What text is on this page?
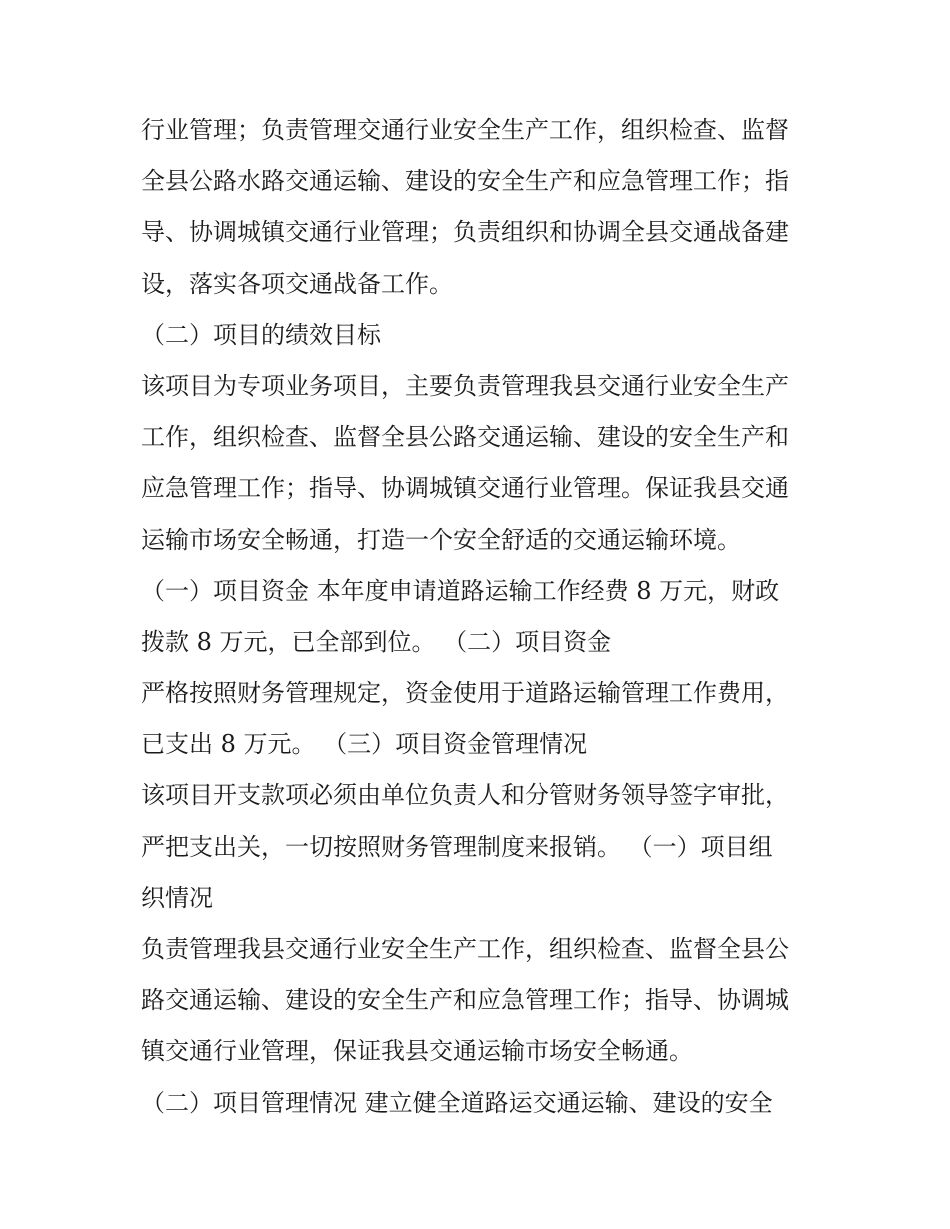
行业管理；负责管理交通行业安全生产工作，组织检查、监督
全县公路水路交通运输、建设的安全生产和应急管理工作；指
导、协调城镇交通行业管理；负责组织和协调全县交通战备建
设，落实各项交通战备工作。
（二）项目的绩效目标
该项目为专项业务项目，主要负责管理我县交通行业安全生产
工作，组织检查、监督全县公路交通运输、建设的安全生产和
应急管理工作；指导、协调城镇交通行业管理。保证我县交通
运输市场安全畅通，打造一个安全舒适的交通运输环境。
（一）项目资金 本年度申请道路运输工作经费 8 万元，财政
拨款 8 万元，已全部到位。 （二）项目资金
严格按照财务管理规定，资金使用于道路运输管理工作费用，
已支出 8 万元。 （三）项目资金管理情况
该项目开支款项必须由单位负责人和分管财务领导签字审批，
严把支出关，一切按照财务管理制度来报销。 （一）项目组
织情况
负责管理我县交通行业安全生产工作，组织检查、监督全县公
路交通运输、建设的安全生产和应急管理工作；指导、协调城
镇交通行业管理，保证我县交通运输市场安全畅通。
（二）项目管理情况 建立健全道路运交通运输、建设的安全
